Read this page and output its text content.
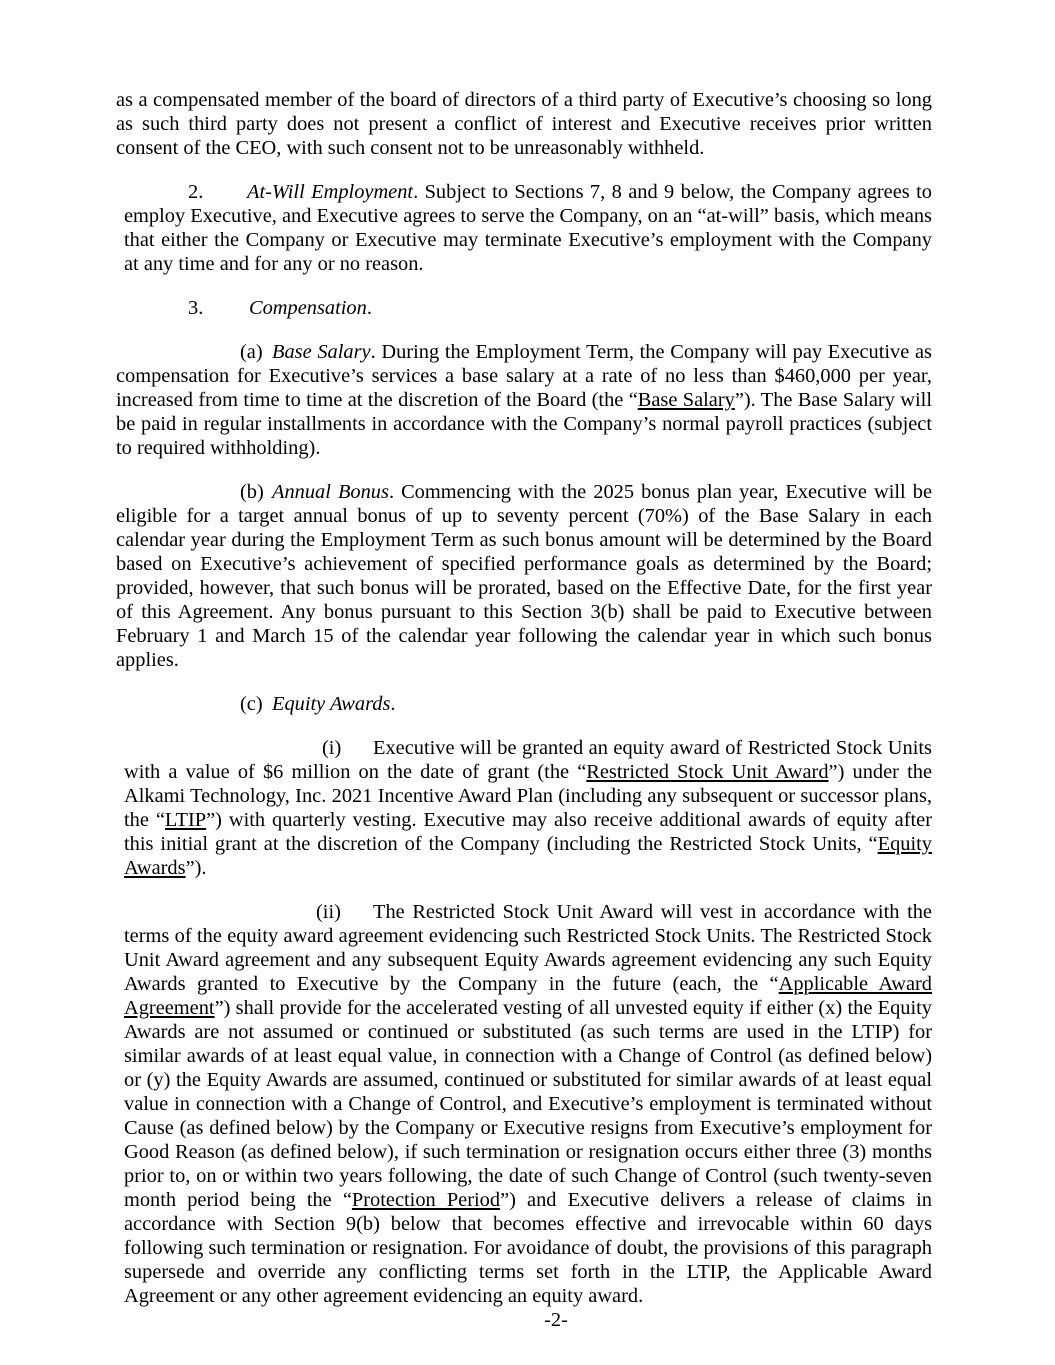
as a compensated member of the board of directors of a third party of Executive’s choosing so long as such third party does not present a conflict of interest and Executive receives prior written consent of the CEO, with such consent not to be unreasonably withheld.

2. At-Will Employment. Subject to Sections 7, 8 and 9 below, the Company agrees to employ Executive, and Executive agrees to serve the Company, on an “at-will” basis, which means that either the Company or Executive may terminate Executive’s employment with the Company at any time and for any or no reason.

3. Compensation.

(a) Base Salary. During the Employment Term, the Company will pay Executive as compensation for Executive’s services a base salary at a rate of no less than $460,000 per year, increased from time to time at the discretion of the Board (the “Base Salary”). The Base Salary will be paid in regular installments in accordance with the Company’s normal payroll practices (subject to required withholding).

(b) Annual Bonus. Commencing with the 2025 bonus plan year, Executive will be eligible for a target annual bonus of up to seventy percent (70%) of the Base Salary in each calendar year during the Employment Term as such bonus amount will be determined by the Board based on Executive’s achievement of specified performance goals as determined by the Board; provided, however, that such bonus will be prorated, based on the Effective Date, for the first year of this Agreement. Any bonus pursuant to this Section 3(b) shall be paid to Executive between February 1 and March 15 of the calendar year following the calendar year in which such bonus applies.

(c) Equity Awards.

(i) Executive will be granted an equity award of Restricted Stock Units with a value of $6 million on the date of grant (the “Restricted Stock Unit Award”) under the Alkami Technology, Inc. 2021 Incentive Award Plan (including any subsequent or successor plans, the “LTIP”) with quarterly vesting. Executive may also receive additional awards of equity after this initial grant at the discretion of the Company (including the Restricted Stock Units, “Equity Awards”).

(ii) The Restricted Stock Unit Award will vest in accordance with the terms of the equity award agreement evidencing such Restricted Stock Units. The Restricted Stock Unit Award agreement and any subsequent Equity Awards agreement evidencing any such Equity Awards granted to Executive by the Company in the future (each, the “Applicable Award Agreement”) shall provide for the accelerated vesting of all unvested equity if either (x) the Equity Awards are not assumed or continued or substituted (as such terms are used in the LTIP) for similar awards of at least equal value, in connection with a Change of Control (as defined below) or (y) the Equity Awards are assumed, continued or substituted for similar awards of at least equal value in connection with a Change of Control, and Executive’s employment is terminated without Cause (as defined below) by the Company or Executive resigns from Executive’s employment for Good Reason (as defined below), if such termination or resignation occurs either three (3) months prior to, on or within two years following, the date of such Change of Control (such twenty-seven month period being the “Protection Period”) and Executive delivers a release of claims in accordance with Section 9(b) below that becomes effective and irrevocable within 60 days following such termination or resignation. For avoidance of doubt, the provisions of this paragraph supersede and override any conflicting terms set forth in the LTIP, the Applicable Award Agreement or any other agreement evidencing an equity award.

-2-
